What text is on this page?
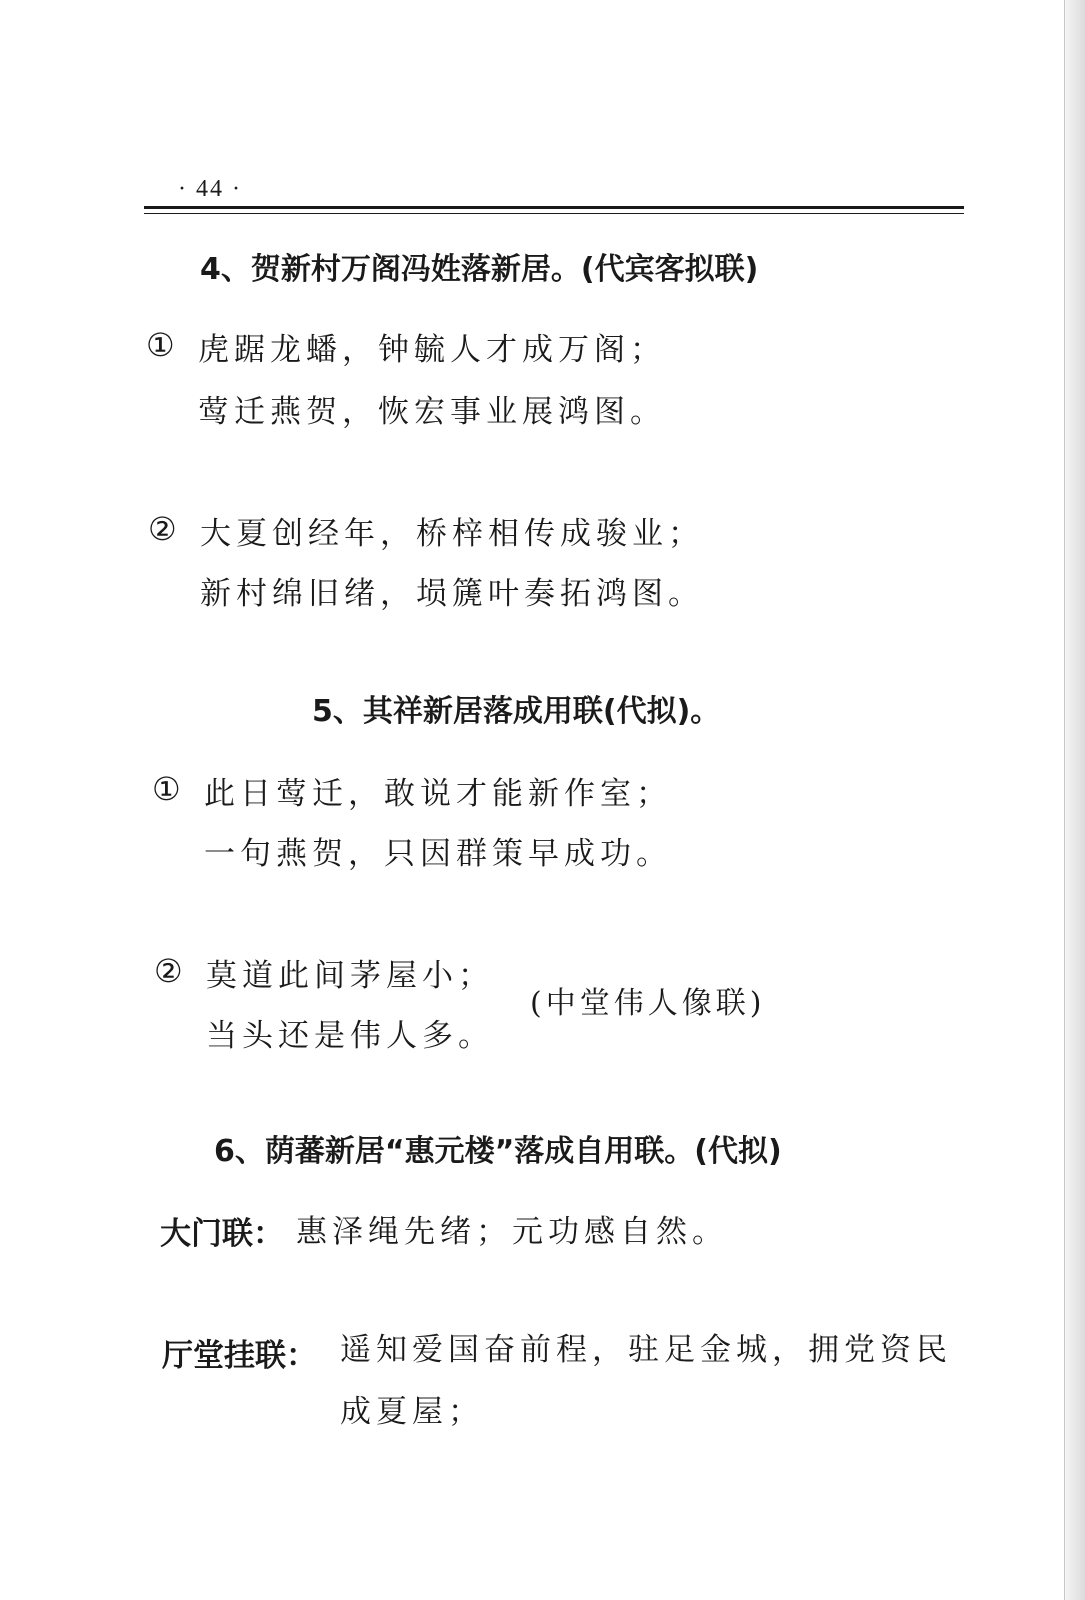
· 44 ·
4、贺新村万阁冯姓落新居。(代宾客拟联)
① 虎踞龙蟠，钟毓人才成万阁；
莺迁燕贺，恢宏事业展鸿图。
② 大夏创经年，桥梓相传成骏业；
新村绵旧绪，埙篪叶奏拓鸿图。
5、其祥新居落成用联(代拟)。
① 此日莺迁，敢说才能新作室；
一句燕贺，只因群策早成功。
② 莫道此间茅屋小；
当头还是伟人多。
(中堂伟人像联)
6、荫蕃新居“惠元楼”落成自用联。(代拟)
大门联： 惠泽绳先绪；元功感自然。
厅堂挂联： 遥知爱国奋前程，驻足金城，拥党资民
成夏屋；
